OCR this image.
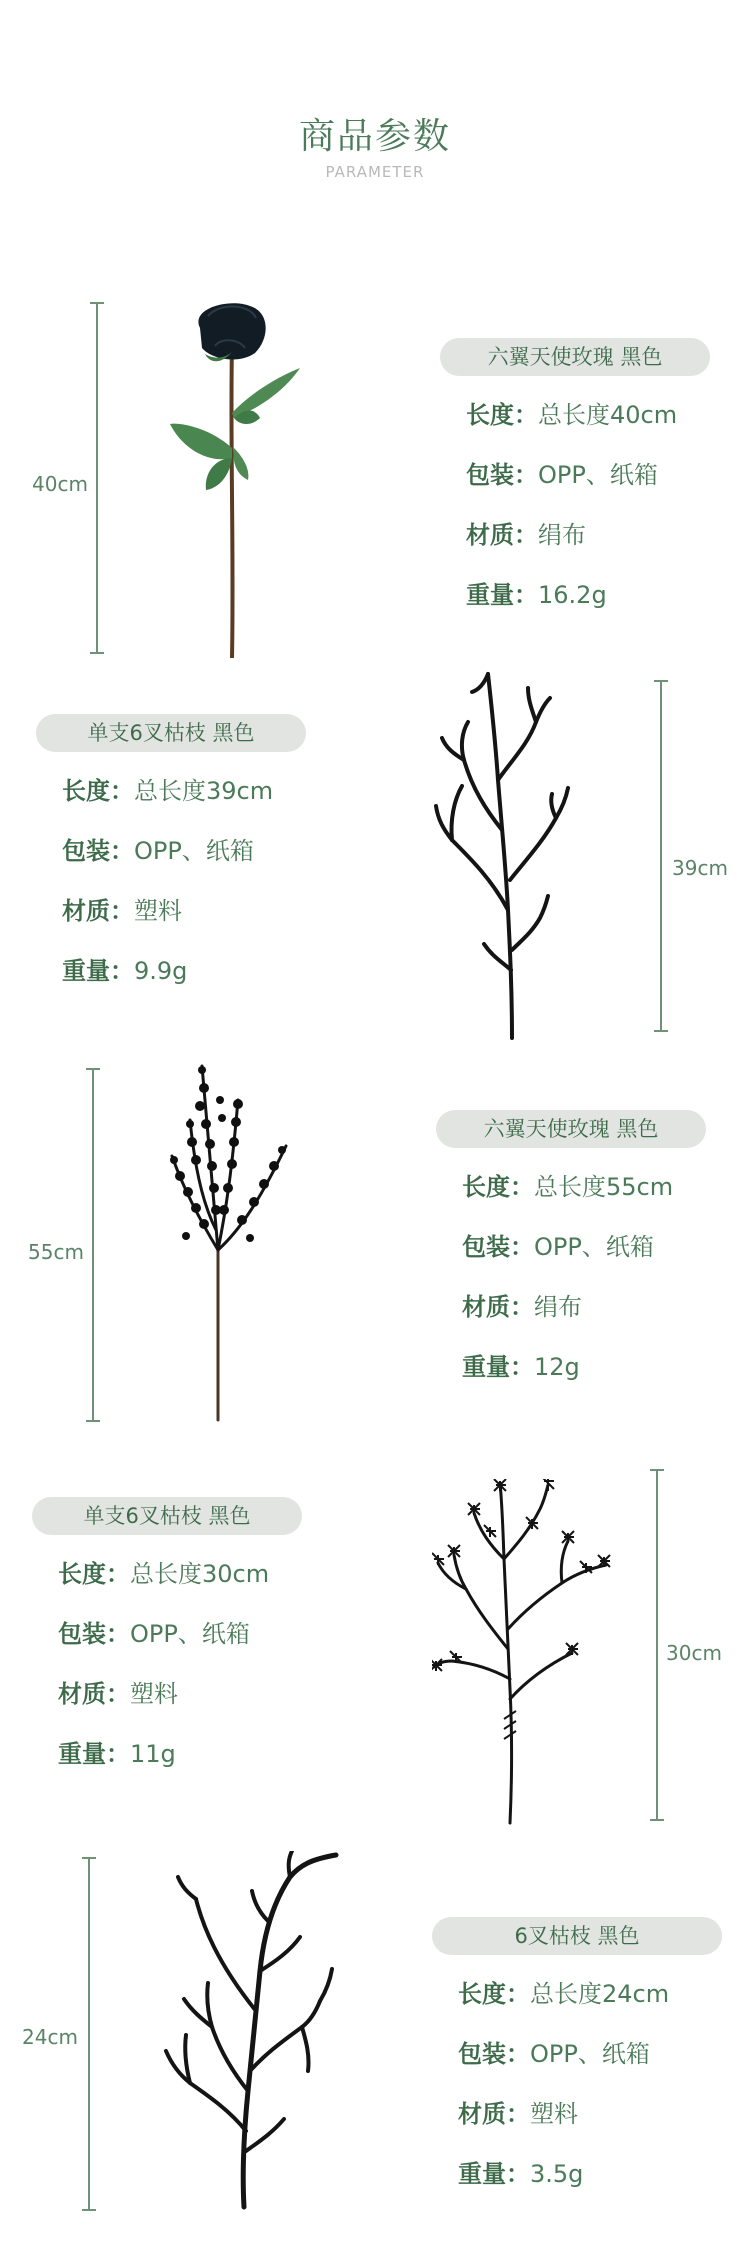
商品参数
PARAMETER
40cm
六翼天使玫瑰 黑色
长度：总长度40cm
包装：OPP、纸箱
材质：绢布
重量：16.2g
单支6叉枯枝 黑色
长度：总长度39cm
包装：OPP、纸箱
材质：塑料
重量：9.9g
39cm
55cm
六翼天使玫瑰 黑色
长度：总长度55cm
包装：OPP、纸箱
材质：绢布
重量：12g
单支6叉枯枝 黑色
长度：总长度30cm
包装：OPP、纸箱
材质：塑料
重量：11g
30cm
24cm
6叉枯枝 黑色
长度：总长度24cm
包装：OPP、纸箱
材质：塑料
重量：3.5g
